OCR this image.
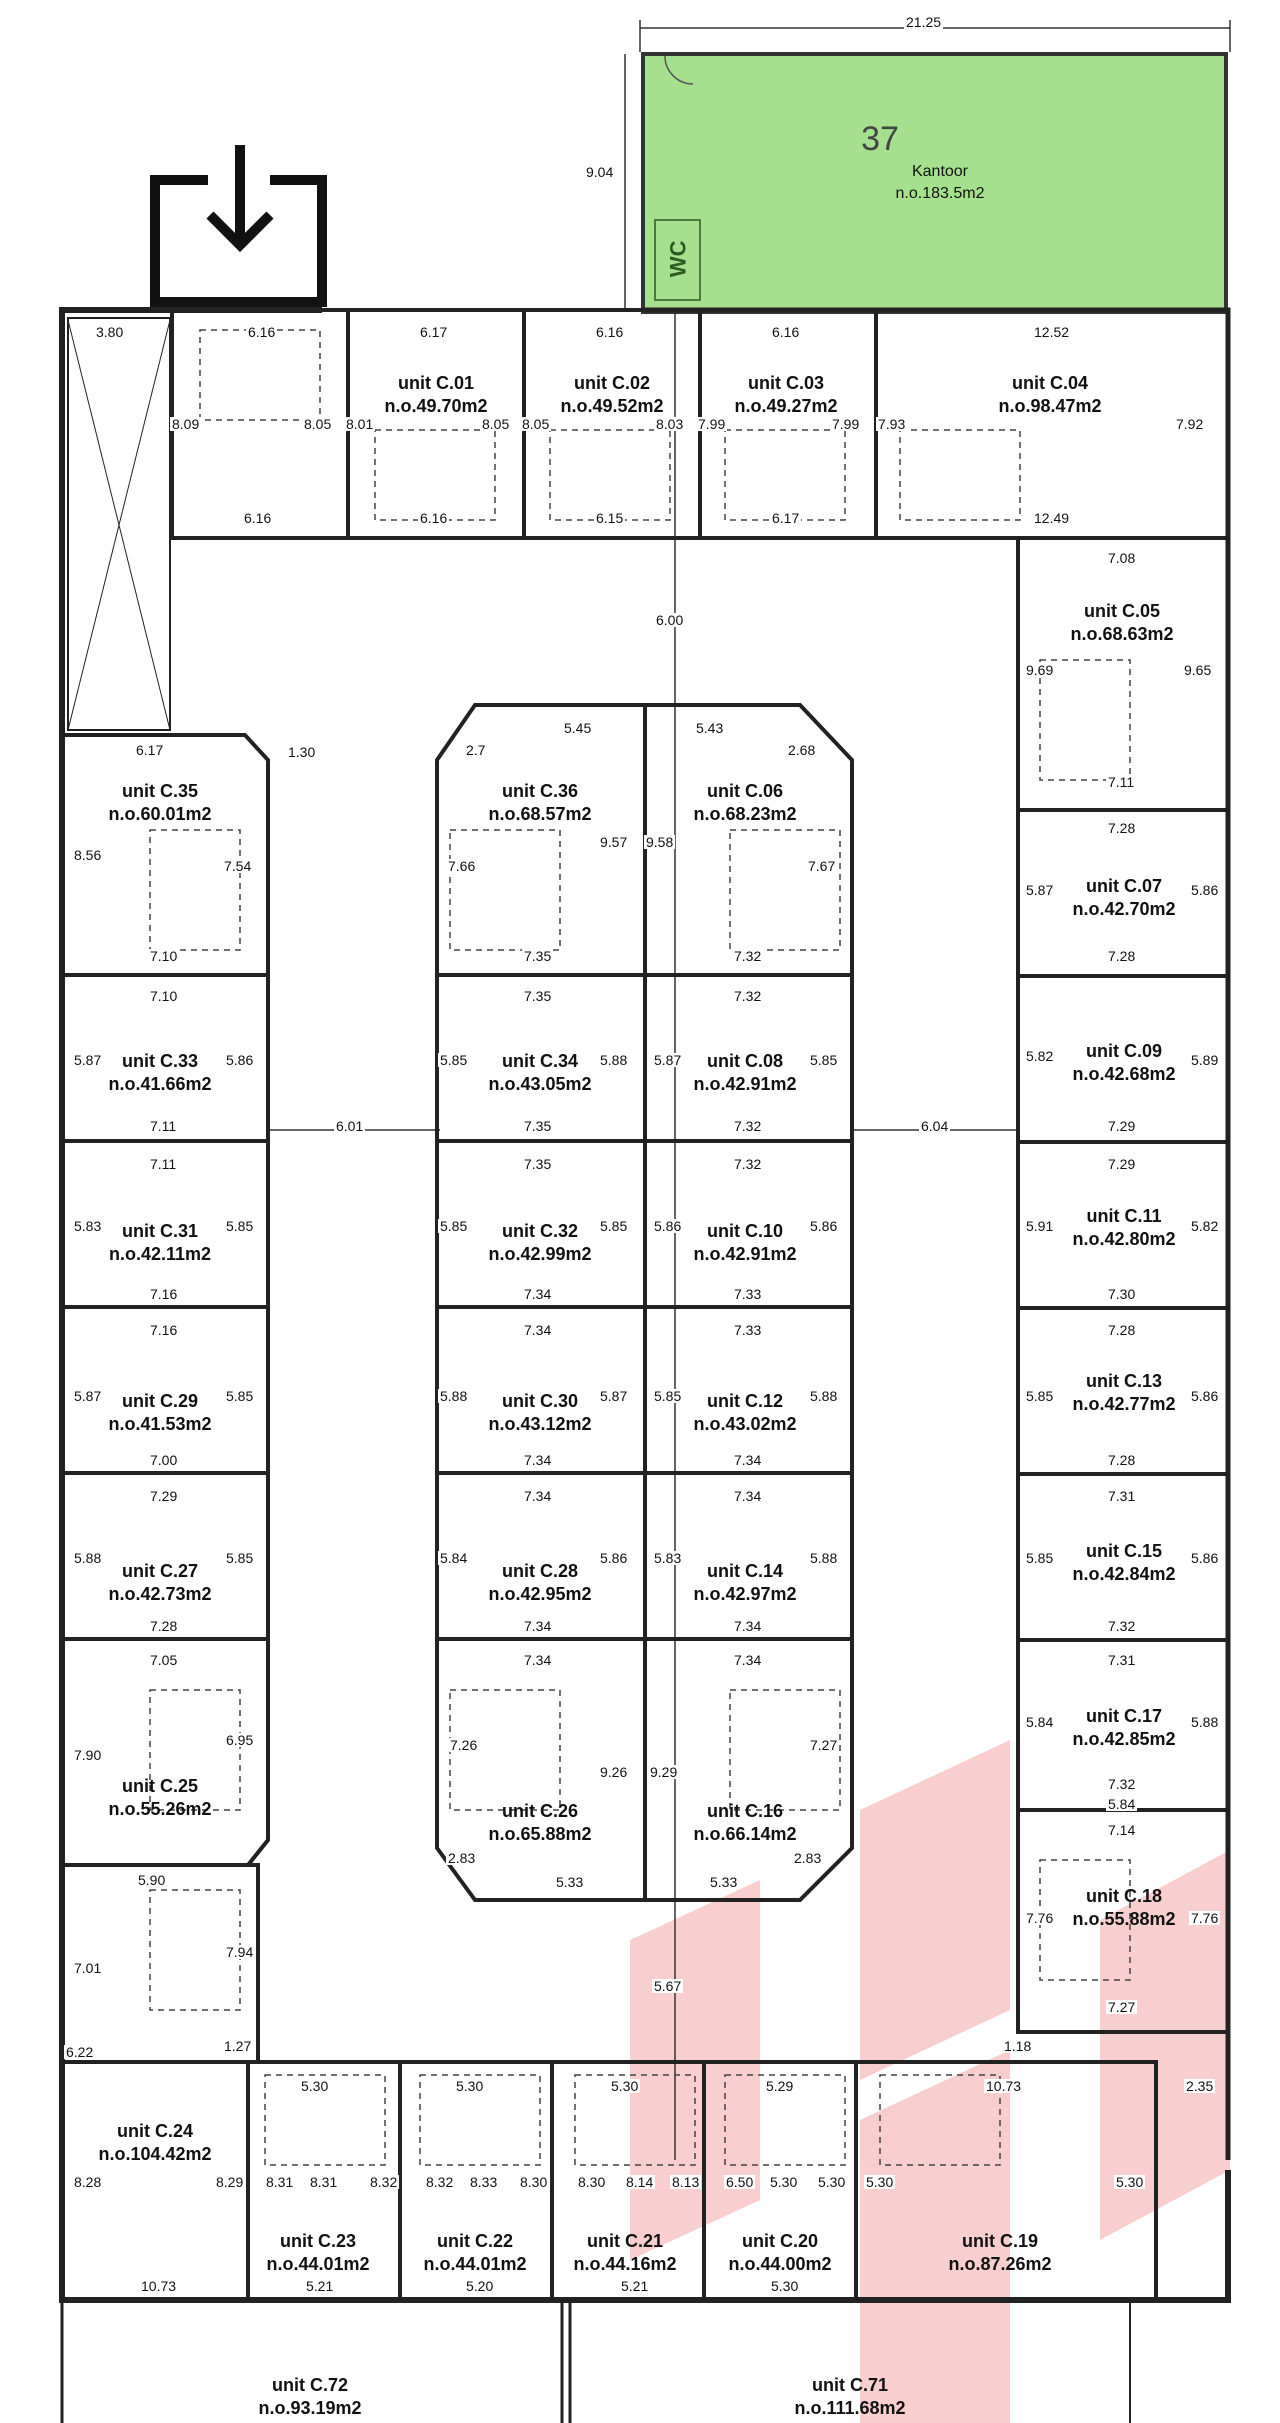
37
Kantoor
n.o.183.5m2
WC
unit C.01
n.o.49.70m2
unit C.02
n.o.49.52m2
unit C.03
n.o.49.27m2
unit C.04
n.o.98.47m2
unit C.05
n.o.68.63m2
unit C.35
n.o.60.01m2
unit C.36
n.o.68.57m2
unit C.06
n.o.68.23m2
unit C.07
n.o.42.70m2
unit C.33
n.o.41.66m2
unit C.34
n.o.43.05m2
unit C.08
n.o.42.91m2
unit C.09
n.o.42.68m2
unit C.31
n.o.42.11m2
unit C.32
n.o.42.99m2
unit C.10
n.o.42.91m2
unit C.11
n.o.42.80m2
unit C.29
n.o.41.53m2
unit C.30
n.o.43.12m2
unit C.12
n.o.43.02m2
unit C.13
n.o.42.77m2
unit C.27
n.o.42.73m2
unit C.28
n.o.42.95m2
unit C.14
n.o.42.97m2
unit C.15
n.o.42.84m2
unit C.25
n.o.55.26m2	unit C.26
n.o.65.88m2
unit C.16
n.o.66.14m2
unit C.17
n.o.42.85m2
unit C.18
n.o.55.88m2
unit C.24
n.o.104.42m2
unit C.23
n.o.44.01m2
unit C.22
n.o.44.01m2
unit C.21
n.o.44.16m2
unit C.20
n.o.44.00m2
unit C.19
n.o.87.26m2
unit C.72
n.o.93.19m2
unit C.71
n.o.111.68m2
21.25
9.04
3.80	6.16	6.17	6.16	6.16	12.52
8.09	8.05 8.01	8.05 8.05	8.03 7.99	7.99 7.93	7.92
6.16	6.16	6.15	6.17	12.49
7.08
6.00
9.69	9.65
7.11
6.17	1.30
8.56
7.54
7.10
2.7
5.45	5.43
2.68
7.66
9.57 9.58
7.67
7.35	7.32
7.28
5.87
7.28
5.86
5.82
7.10
5.87	5.86
7.35	7.32
5.85	5.88 5.87	5.85	5.89
7.11	6.01	7.35	7.32	6.04	7.29
7.11	7.35	7.32	7.29
5.83	5.85	5.85	5.85 5.86	5.86	5.91	5.82
7.16	7.34	7.33	7.30
7.16	7.34	7.33	7.28
5.87	5.85	5.88	5.87 5.85	5.88	5.85	5.86
7.00	7.34	7.34	7.28
7.29	7.34	7.34	7.31
5.88	5.85	5.84	5.86 5.83	5.88	5.85	5.86
7.28	7.34	7.34	7.32
7.05	7.34	7.34	7.31
7.90
6.95	7.26
9.26 9.29
7.27
5.84	5.88
7.32
7.14
5.84
2.83
5.33	5.33
2.83
7.76	7.76
5.90
7.01
7.94
5.67
7.27
6.22	1.27	1.18
5.30	5.30	5.30	5.29	10.73	2.35
8.28	8.29 8.31 8.31 8.32 8.32 8.33 8.30 8.30 8.14 8.13 6.50 5.30 5.30 5.30	5.30
10.73	5.21	5.20	5.21	5.30
